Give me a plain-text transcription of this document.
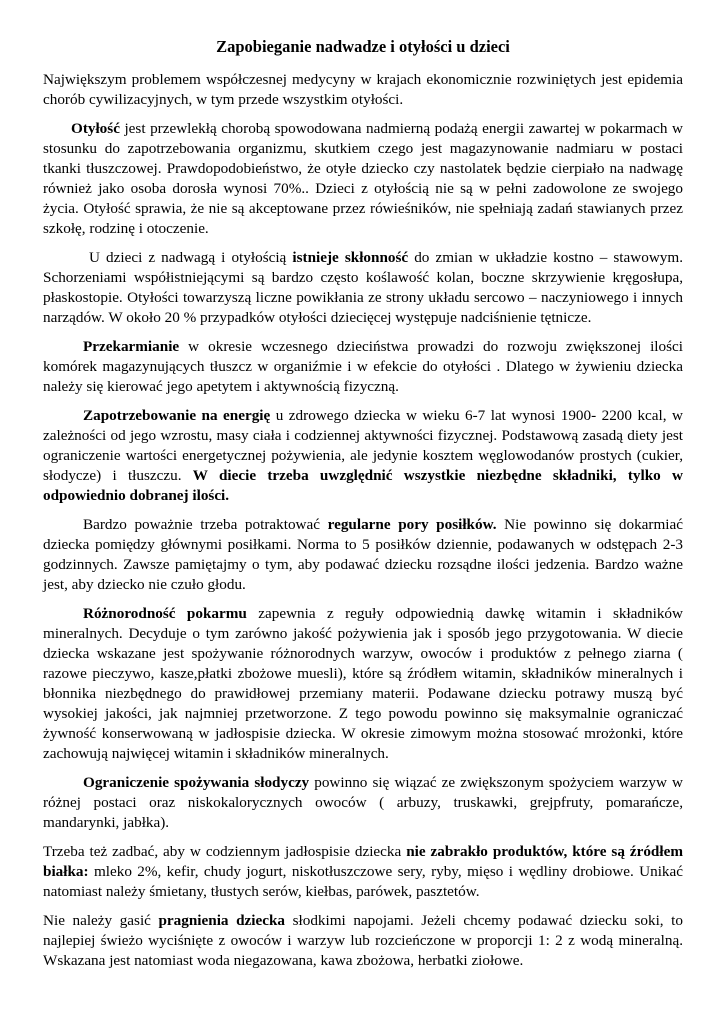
Zapobieganie nadwadze i otyłości u dzieci

Największym problemem współczesnej medycyny w krajach ekonomicznie rozwiniętych jest epidemia chorób cywilizacyjnych, w tym przede wszystkim otyłości.

Otyłość jest przewlekłą chorobą spowodowana nadmierną podażą energii zawartej w pokarmach w stosunku do zapotrzebowania organizmu, skutkiem czego jest magazynowanie nadmiaru w postaci tkanki tłuszczowej. Prawdopodobieństwo, że otyłe dziecko czy nastolatek będzie cierpiało na nadwagę również jako osoba dorosła wynosi 70%.. Dzieci z otyłością nie są w pełni zadowolone ze swojego życia. Otyłość sprawia, że nie są akceptowane przez rówieśników, nie spełniają zadań stawianych przez szkołę, rodzinę i otoczenie.

U dzieci z nadwagą i otyłością istnieje skłonność do zmian w układzie kostno – stawowym. Schorzeniami współistniejącymi są bardzo często koślawość kolan, boczne skrzywienie kręgosłupa, płaskostopie. Otyłości towarzyszą liczne powikłania ze strony układu sercowo – naczyniowego i innych narządów. W około 20 % przypadków otyłości dziecięcej występuje nadciśnienie tętnicze.

Przekarmianie w okresie wczesnego dzieciństwa prowadzi do rozwoju zwiększonej ilości komórek magazynujących tłuszcz w organiźmie i w efekcie do otyłości . Dlatego w żywieniu dziecka należy się kierować jego apetytem i aktywnością fizyczną.

Zapotrzebowanie na energię u zdrowego dziecka w wieku 6-7 lat wynosi 1900- 2200 kcal, w zależności od jego wzrostu, masy ciała i codziennej aktywności fizycznej. Podstawową zasadą diety jest ograniczenie wartości energetycznej pożywienia, ale jedynie kosztem węglowodanów prostych (cukier, słodycze) i tłuszczu. W diecie trzeba uwzględnić wszystkie niezbędne składniki, tylko w odpowiednio dobranej ilości.

Bardzo poważnie trzeba potraktować regularne pory posiłków. Nie powinno się dokarmiać dziecka pomiędzy głównymi posiłkami. Norma to 5 posiłków dziennie, podawanych w odstępach 2-3 godzinnych. Zawsze pamiętajmy o tym, aby podawać dziecku rozsądne ilości jedzenia. Bardzo ważne jest, aby dziecko nie czuło głodu.

Różnorodność pokarmu zapewnia z reguły odpowiednią dawkę witamin i składników mineralnych. Decyduje o tym zarówno jakość pożywienia jak i sposób jego przygotowania. W diecie dziecka wskazane jest spożywanie różnorodnych warzyw, owoców i produktów z pełnego ziarna ( razowe pieczywo, kasze,płatki zbożowe muesli), które są źródłem witamin, składników mineralnych i błonnika niezbędnego do prawidłowej przemiany materii. Podawane dziecku potrawy muszą być wysokiej jakości, jak najmniej przetworzone. Z tego powodu powinno się maksymalnie ograniczać żywność konserwowaną w jadłospisie dziecka. W okresie zimowym można stosować mrożonki, które zachowują najwięcej witamin i składników mineralnych.

Ograniczenie spożywania słodyczy powinno się wiązać ze zwiększonym spożyciem warzyw w różnej postaci oraz niskokalorycznych owoców ( arbuzy, truskawki, grejpfruty, pomarańcze, mandarynki, jabłka).

Trzeba też zadbać, aby w codziennym jadłospisie dziecka nie zabrakło produktów, które są źródłem białka: mleko 2%, kefir, chudy jogurt, niskotłuszczowe sery, ryby, mięso i wędliny drobiowe. Unikać natomiast należy śmietany, tłustych serów, kiełbas, parówek, pasztetów.

Nie należy gasić pragnienia dziecka słodkimi napojami. Jeżeli chcemy podawać dziecku soki, to najlepiej świeżo wyciśnięte z owoców i warzyw lub rozcieńczone w proporcji 1: 2 z wodą mineralną. Wskazana jest natomiast woda niegazowana, kawa zbożowa, herbatki ziołowe.
